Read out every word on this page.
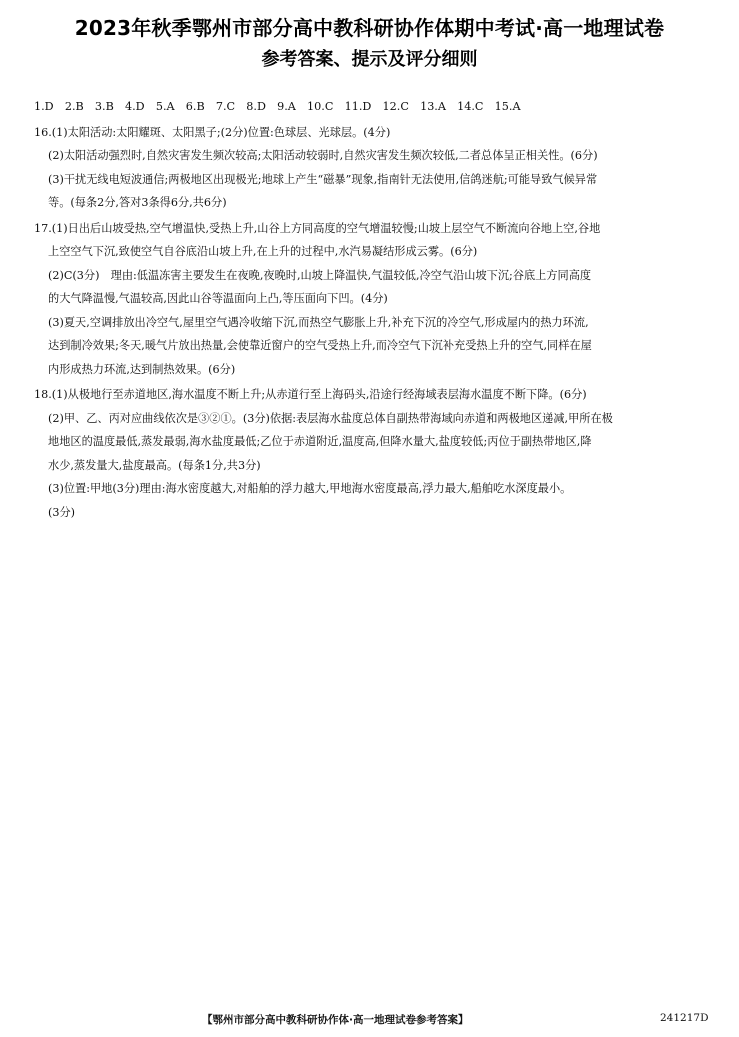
2023年秋季鄂州市部分高中教科研协作体期中考试·高一地理试卷
参考答案、提示及评分细则
1.D　2.B　3.B　4.D　5.A　6.B　7.C　8.D　9.A　10.C　11.D　12.C　13.A　14.C　15.A
16.(1)太阳活动:太阳耀斑、太阳黑子;(2分)位置:色球层、光球层。(4分)
(2)太阳活动强烈时,自然灾害发生频次较高;太阳活动较弱时,自然灾害发生频次较低,二者总体呈正相关性。(6分)
(3)干扰无线电短波通信;两极地区出现极光;地球上产生“磁暴”现象,指南针无法使用,信鸽迷航;可能导致气候异常
等。(每条2分,答对3条得6分,共6分)
17.(1)日出后山坡受热,空气增温快,受热上升,山谷上方同高度的空气增温较慢;山坡上层空气不断流向谷地上空,谷地
上空空气下沉,致使空气自谷底沿山坡上升,在上升的过程中,水汽易凝结形成云雾。(6分)
(2)C(3分)　理由:低温冻害主要发生在夜晚,夜晚时,山坡上降温快,气温较低,冷空气沿山坡下沉;谷底上方同高度
的大气降温慢,气温较高,因此山谷等温面向上凸,等压面向下凹。(4分)
(3)夏天,空调排放出冷空气,屋里空气遇冷收缩下沉,而热空气膨胀上升,补充下沉的冷空气,形成屋内的热力环流,
达到制冷效果;冬天,暖气片放出热量,会使靠近窗户的空气受热上升,而冷空气下沉补充受热上升的空气,同样在屋
内形成热力环流,达到制热效果。(6分)
18.(1)从极地行至赤道地区,海水温度不断上升;从赤道行至上海码头,沿途行经海域表层海水温度不断下降。(6分)
(2)甲、乙、丙对应曲线依次是③②①。(3分)依据:表层海水盐度总体自副热带海域向赤道和两极地区递减,甲所在极
地地区的温度最低,蒸发最弱,海水盐度最低;乙位于赤道附近,温度高,但降水量大,盐度较低;丙位于副热带地区,降
水少,蒸发量大,盐度最高。(每条1分,共3分)
(3)位置:甲地(3分)理由:海水密度越大,对船舶的浮力越大,甲地海水密度最高,浮力最大,船舶吃水深度最小。
(3分)
【鄂州市部分高中教科研协作体·高一地理试卷参考答案】	241217D
